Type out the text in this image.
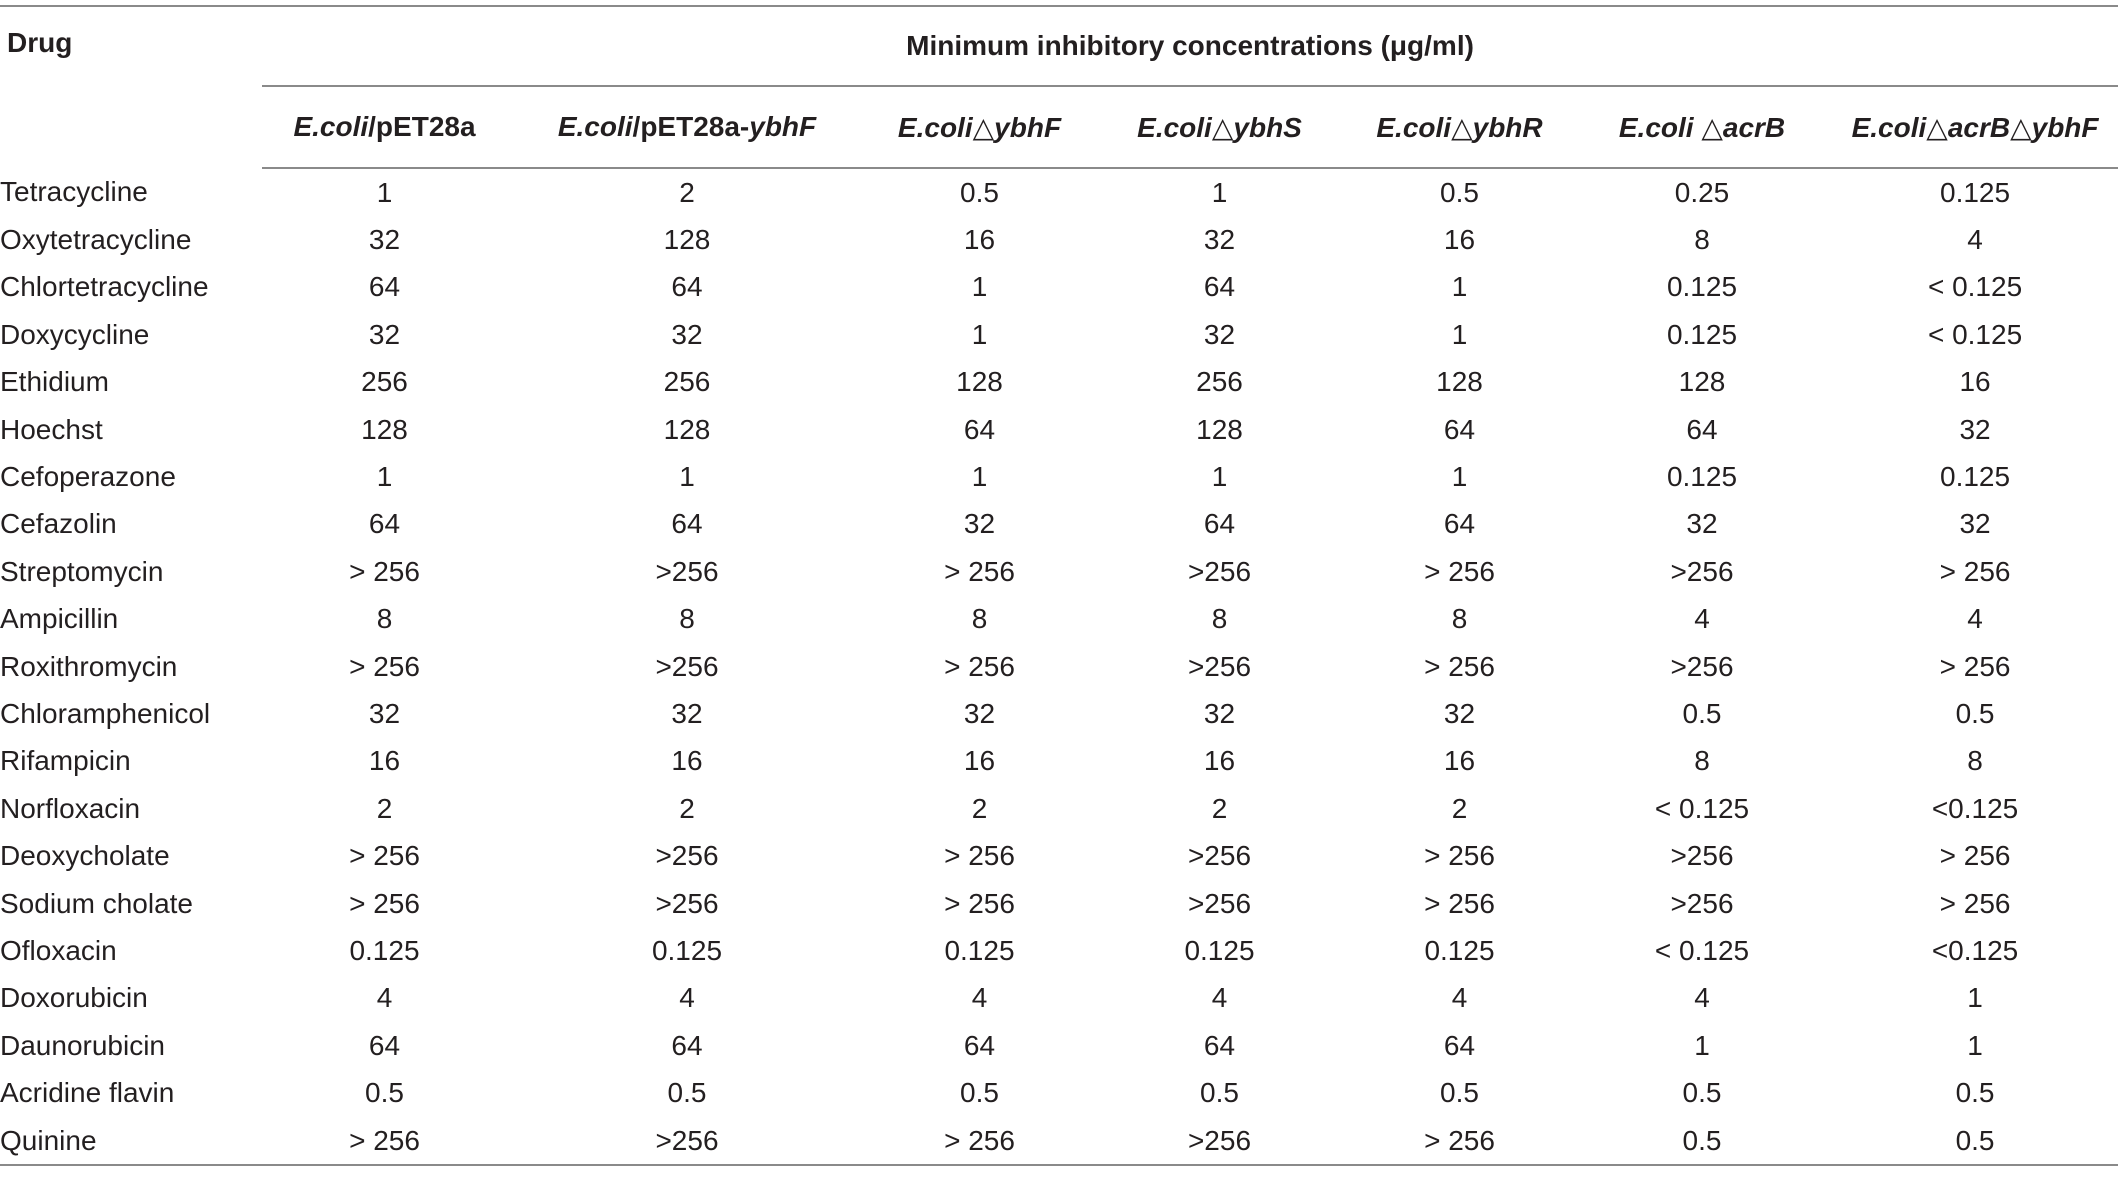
Drug	Minimum inhibitory concentrations (μg/ml)						
	E.coli/pET28a	E.coli/pET28a-ybhF	E.coli△ybhF	E.coli△ybhS	E.coli△ybhR	E.coli △acrB	E.coli△acrB△ybhF
Tetracycline	1	2	0.5	1	0.5	0.25	0.125
Oxytetracycline	32	128	16	32	16	8	4
Chlortetracycline	64	64	1	64	1	0.125	< 0.125
Doxycycline	32	32	1	32	1	0.125	< 0.125
Ethidium	256	256	128	256	128	128	16
Hoechst	128	128	64	128	64	64	32
Cefoperazone	1	1	1	1	1	0.125	0.125
Cefazolin	64	64	32	64	64	32	32
Streptomycin	> 256	>256	> 256	>256	> 256	>256	> 256
Ampicillin	8	8	8	8	8	4	4
Roxithromycin	> 256	>256	> 256	>256	> 256	>256	> 256
Chloramphenicol	32	32	32	32	32	0.5	0.5
Rifampicin	16	16	16	16	16	8	8
Norfloxacin	2	2	2	2	2	< 0.125	<0.125
Deoxycholate	> 256	>256	> 256	>256	> 256	>256	> 256
Sodium cholate	> 256	>256	> 256	>256	> 256	>256	> 256
Ofloxacin	0.125	0.125	0.125	0.125	0.125	< 0.125	<0.125
Doxorubicin	4	4	4	4	4	4	1
Daunorubicin	64	64	64	64	64	1	1
Acridine flavin	0.5	0.5	0.5	0.5	0.5	0.5	0.5
Quinine	> 256	>256	> 256	>256	> 256	0.5	0.5
